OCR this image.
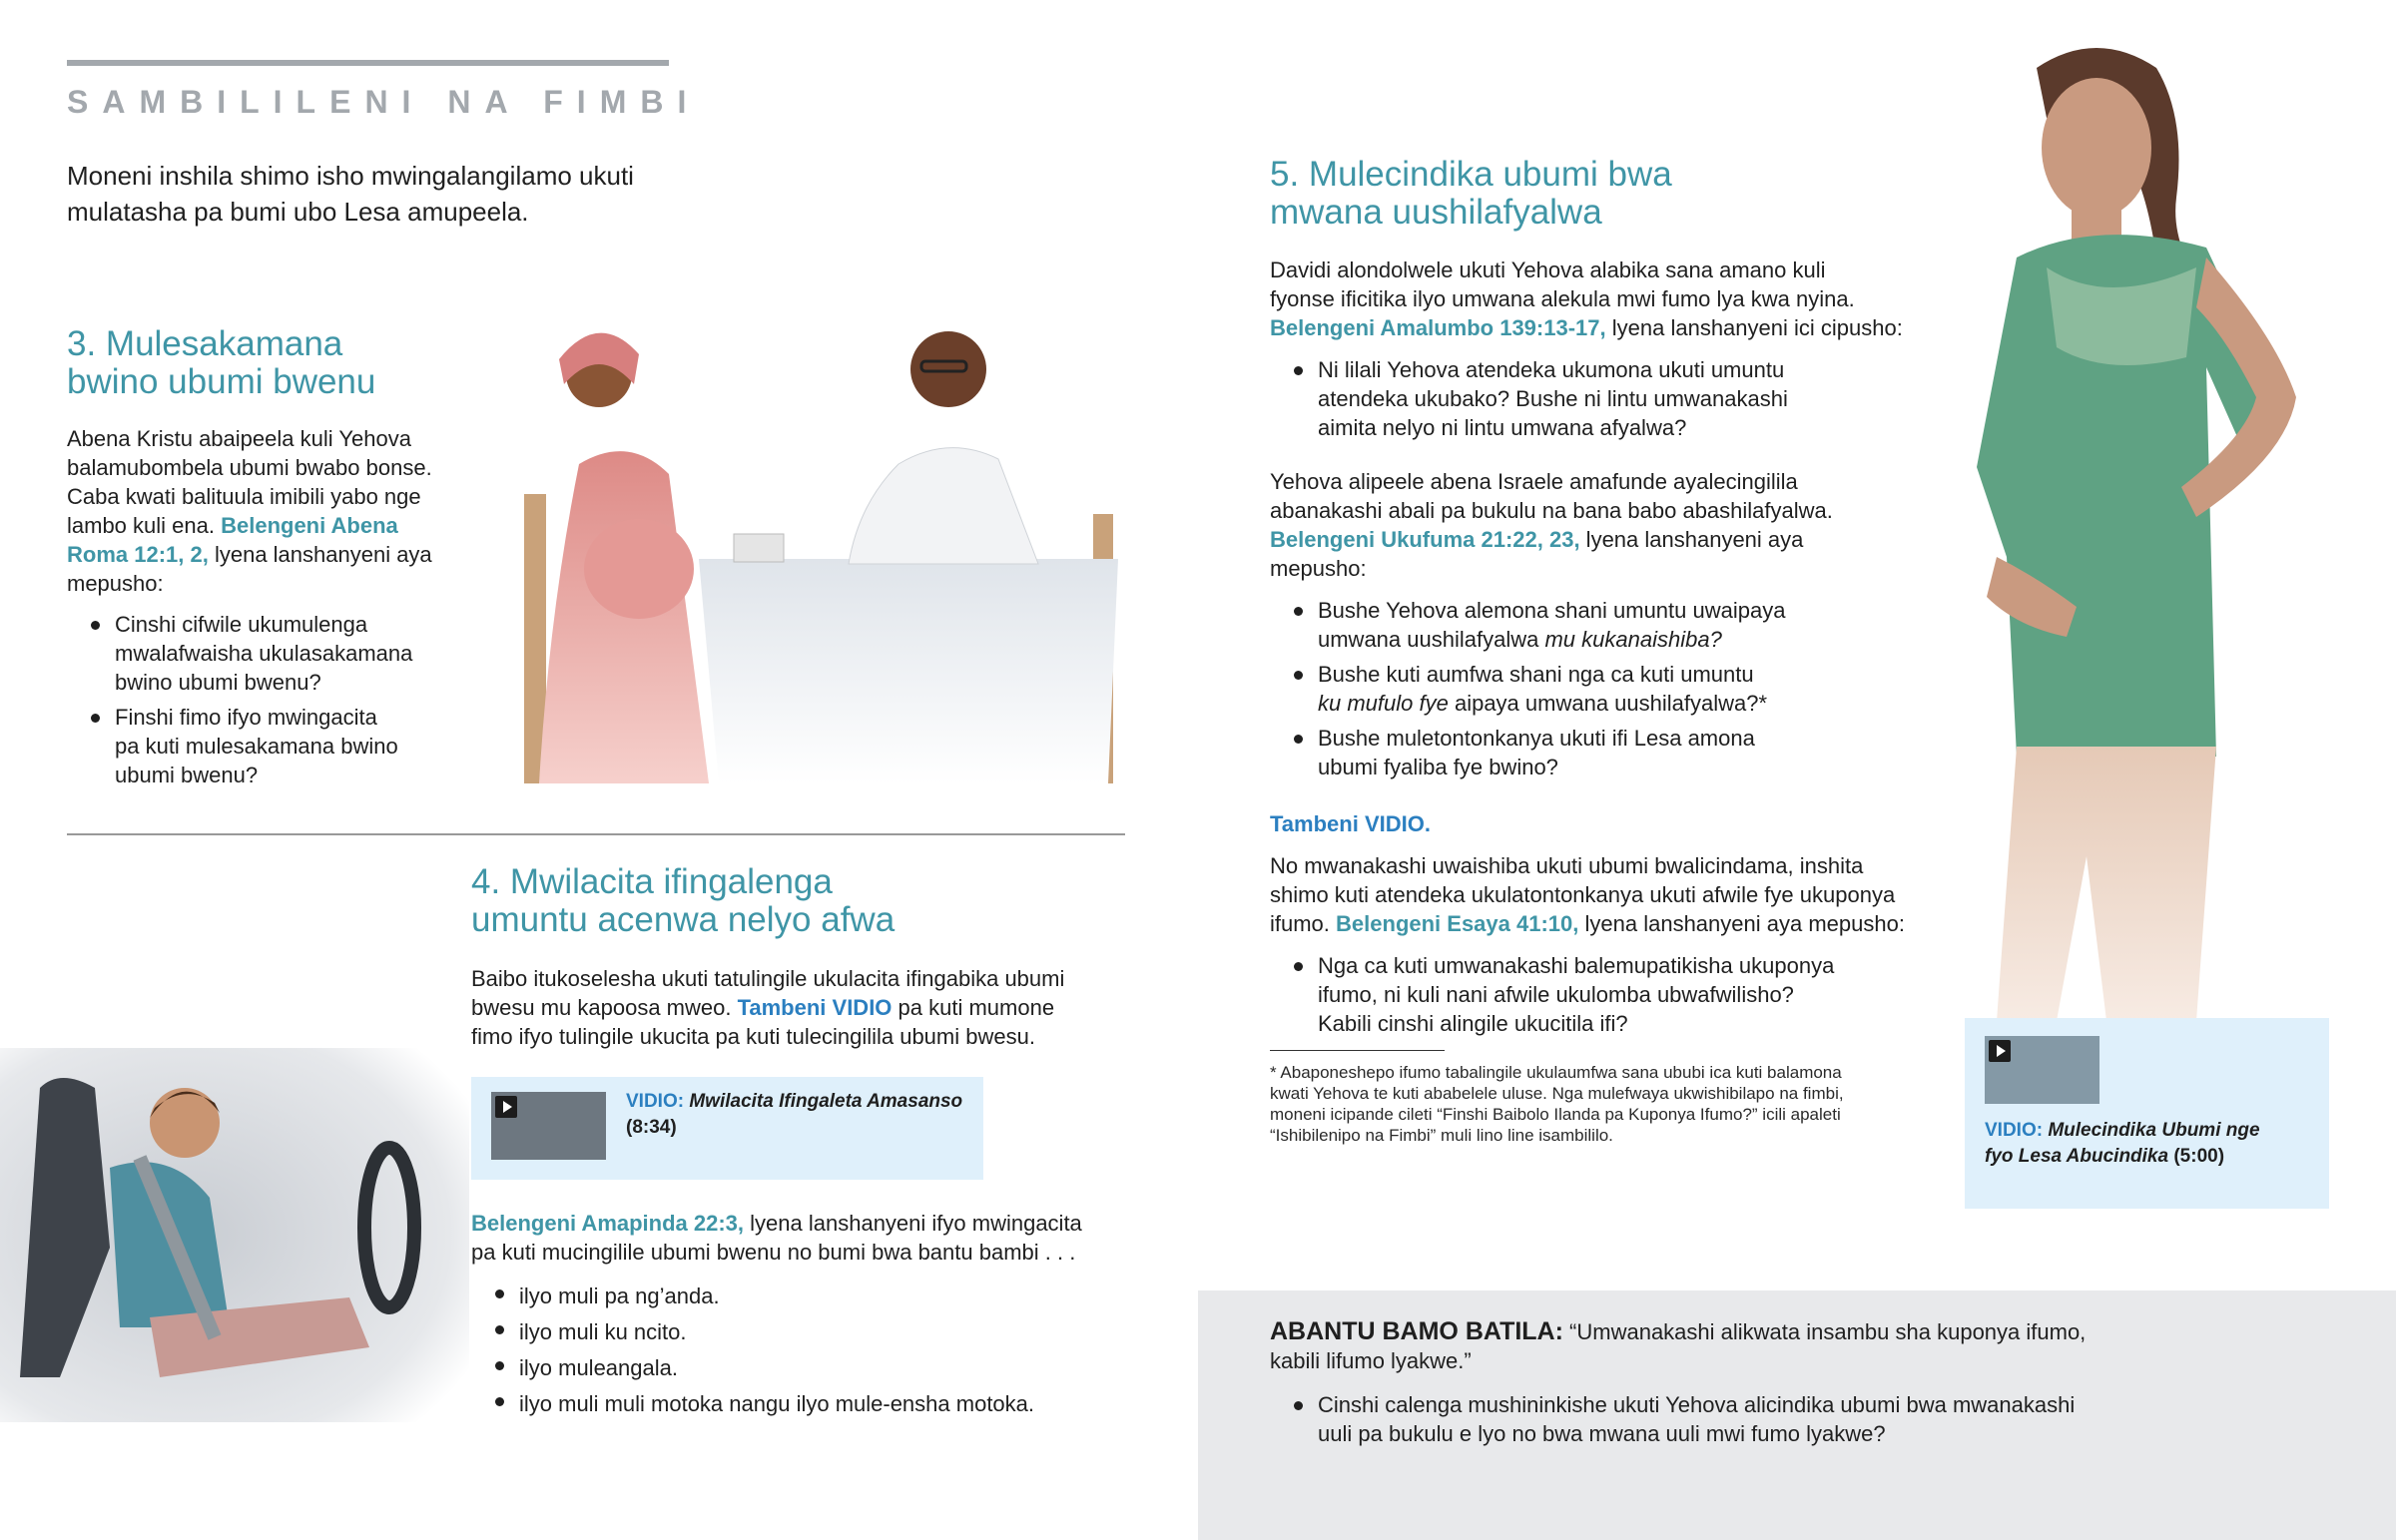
SAMBILILENI NA FIMBI
Moneni inshila shimo isho mwingalangilamo ukuti
mulatasha pa bumi ubo Lesa amupeela.
3. Mulesakamana
bwino ubumi bwenu
Abena Kristu abaipeela kuli Yehova
balamubombela ubumi bwabo bonse.
Caba kwati balituula imibili yabo nge
lambo kuli ena. Belengeni Abena
Roma 12:1, 2, lyena lanshanyeni aya
mepusho:
Cinshi cifwile ukumulenga
mwalafwaisha ukulasakamana
bwino ubumi bwenu?
Finshi fimo ifyo mwingacita
pa kuti mulesakamana bwino
ubumi bwenu?
4. Mwilacita ifingalenga
umuntu acenwa nelyo afwa
Baibo itukoselesha ukuti tatulingile ukulacita ifingabika ubumi
bwesu mu kapoosa mweo. Tambeni VIDIO pa kuti mumone
fimo ifyo tulingile ukucita pa kuti tulecingilila ubumi bwesu.
VIDIO: Mwilacita Ifingaleta Amasanso
(8:34)
Belengeni Amapinda 22:3, lyena lanshanyeni ifyo mwingacita
pa kuti mucingilile ubumi bwenu no bumi bwa bantu bambi . . .
ilyo muli pa ng’anda.
ilyo muli ku ncito.
ilyo muleangala.
ilyo muli muli motoka nangu ilyo mule-ensha motoka.
5. Mulecindika ubumi bwa
mwana uushilafyalwa
Davidi alondolwele ukuti Yehova alabika sana amano kuli
fyonse ificitika ilyo umwana alekula mwi fumo lya kwa nyina.
Belengeni Amalumbo 139:13-17, lyena lanshanyeni ici cipusho:
Ni lilali Yehova atendeka ukumona ukuti umuntu
atendeka ukubako? Bushe ni lintu umwanakashi
aimita nelyo ni lintu umwana afyalwa?
Yehova alipeele abena Israele amafunde ayalecingilila
abanakashi abali pa bukulu na bana babo abashilafyalwa.
Belengeni Ukufuma 21:22, 23, lyena lanshanyeni aya
mepusho:
Bushe Yehova alemona shani umuntu uwaipaya
umwana uushilafyalwa mu kukanaishiba?
Bushe kuti aumfwa shani nga ca kuti umuntu
ku mufulo fye aipaya umwana uushilafyalwa?*
Bushe muletontonkanya ukuti ifi Lesa amona
ubumi fyaliba fye bwino?
Tambeni VIDIO.
No mwanakashi uwaishiba ukuti ubumi bwalicindama, inshita
shimo kuti atendeka ukulatontonkanya ukuti afwile fye ukuponya
ifumo. Belengeni Esaya 41:10, lyena lanshanyeni aya mepusho:
Nga ca kuti umwanakashi balemupatikisha ukuponya
ifumo, ni kuli nani afwile ukulomba ubwafwilisho?
Kabili cinshi alingile ukucitila ifi?
* Abaponeshepo ifumo tabalingile ukulaumfwa sana ububi ica kuti balamona
kwati Yehova te kuti ababelele uluse. Nga mulefwaya ukwishibilapo na fimbi,
moneni icipande cileti “Finshi Baibolo Ilanda pa Kuponya Ifumo?” icili apaleti
“Ishibilenipo na Fimbi” muli lino line isambililo.	VIDIO: Mulecindika Ubumi nge
fyo Lesa Abucindika (5:00)
ABANTU BAMO BATILA: “Umwanakashi alikwata insambu sha kuponya ifumo,
kabili lifumo lyakwe.”
Cinshi calenga mushininkishe ukuti Yehova alicindika ubumi bwa mwanakashi
uuli pa bukulu e lyo no bwa mwana uuli mwi fumo lyakwe?
